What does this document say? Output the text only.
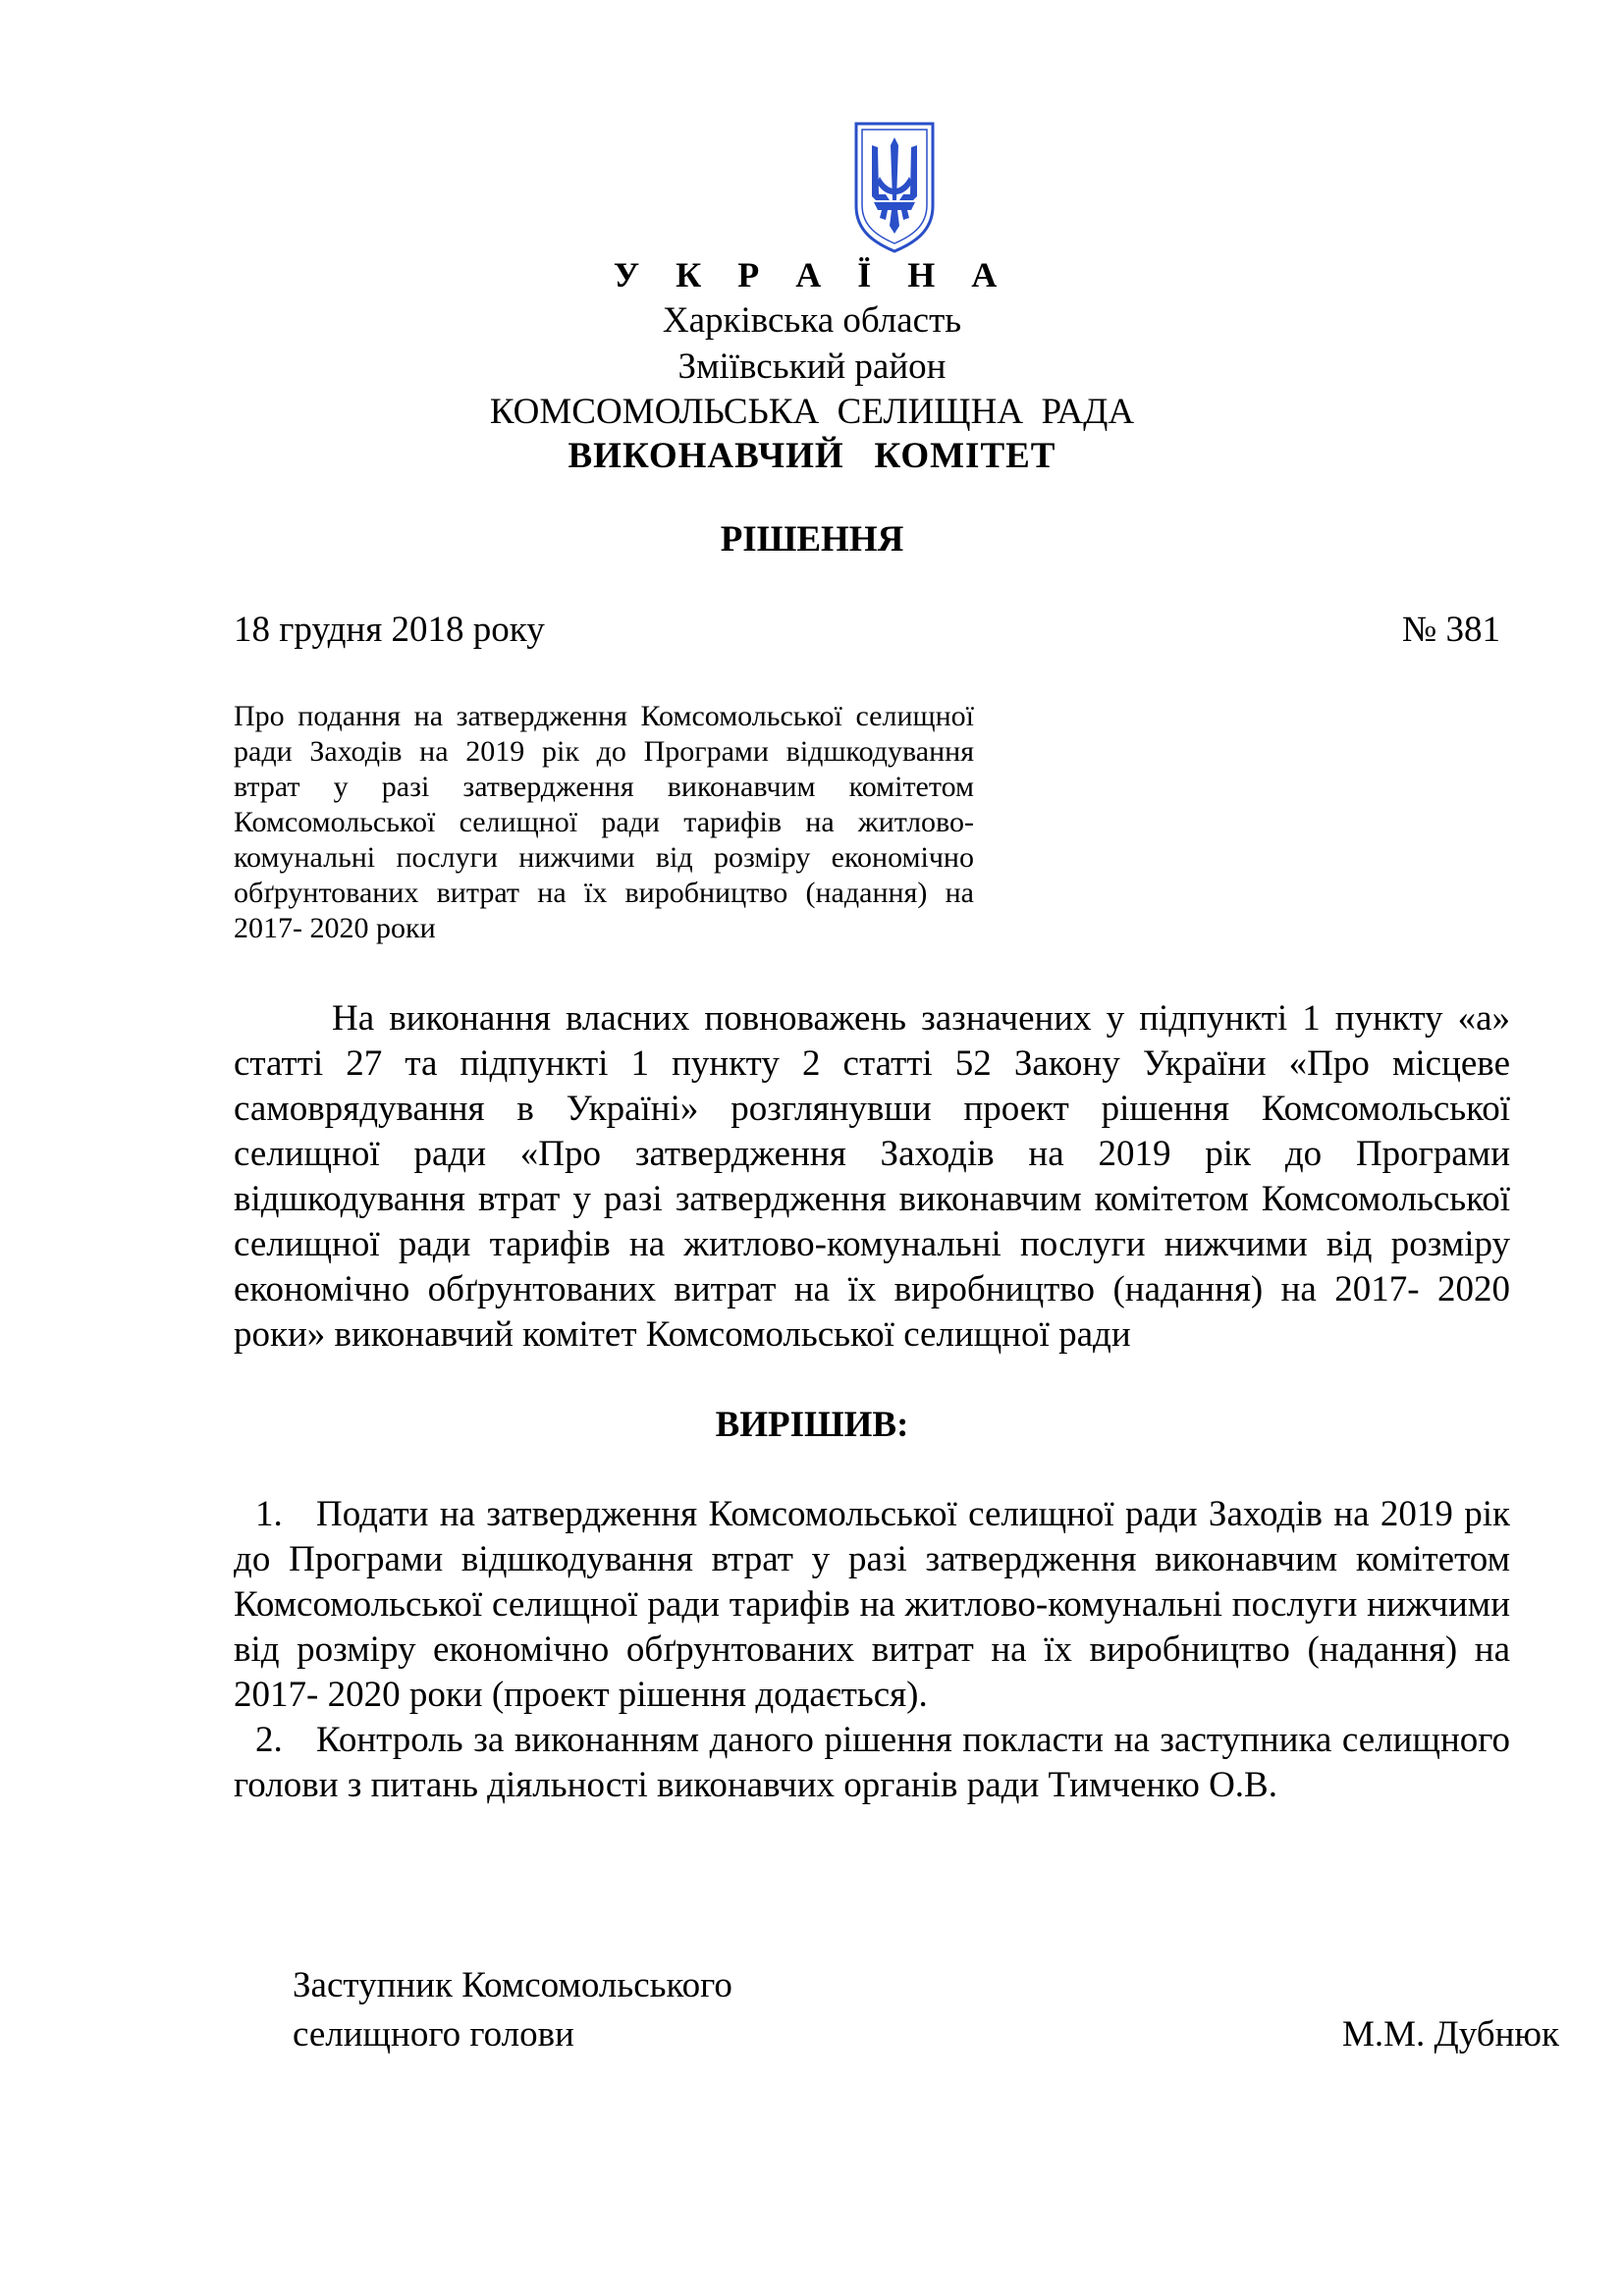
У К Р А Ї Н А
Харківська область
Зміївський район
КОМСОМОЛЬСЬКА  СЕЛИЩНА  РАДА
ВИКОНАВЧИЙ   КОМІТЕТ
РІШЕННЯ
18 грудня 2018 року	№ 381
Про подання на затвердження Комсомольської селищної ради Заходів на 2019 рік до Програми відшкодування втрат у разі затвердження виконавчим комітетом Комсомольської селищної ради тарифів на житлово-комунальні послуги нижчими від розміру економічно обґрунтованих витрат на їх виробництво (надання) на 2017- 2020 роки
На виконання власних повноважень зазначених у підпункті 1 пункту «а» статті 27 та підпункті 1 пункту 2 статті 52 Закону України «Про місцеве самоврядування в Україні» розглянувши проект рішення Комсомольської селищної ради «Про затвердження Заходів на 2019 рік до Програми відшкодування втрат у разі затвердження виконавчим комітетом Комсомольської селищної ради тарифів на житлово-комунальні послуги нижчими від розміру економічно обґрунтованих витрат на їх виробництво (надання) на 2017- 2020 роки» виконавчий комітет Комсомольської селищної ради
ВИРІШИВ:

1. Подати на затвердження Комсомольської селищної ради Заходів на 2019 рік до Програми відшкодування втрат у разі затвердження виконавчим комітетом Комсомольської селищної ради тарифів на житлово-комунальні послуги нижчими від розміру економічно обґрунтованих витрат на їх виробництво (надання) на 2017- 2020 роки (проект рішення додається).

2. Контроль за виконанням даного рішення покласти на заступника селищного голови з питань діяльності виконавчих органів ради Тимченко О.В.

Заступник Комсомольського
селищного голови	М.М. Дубнюк
